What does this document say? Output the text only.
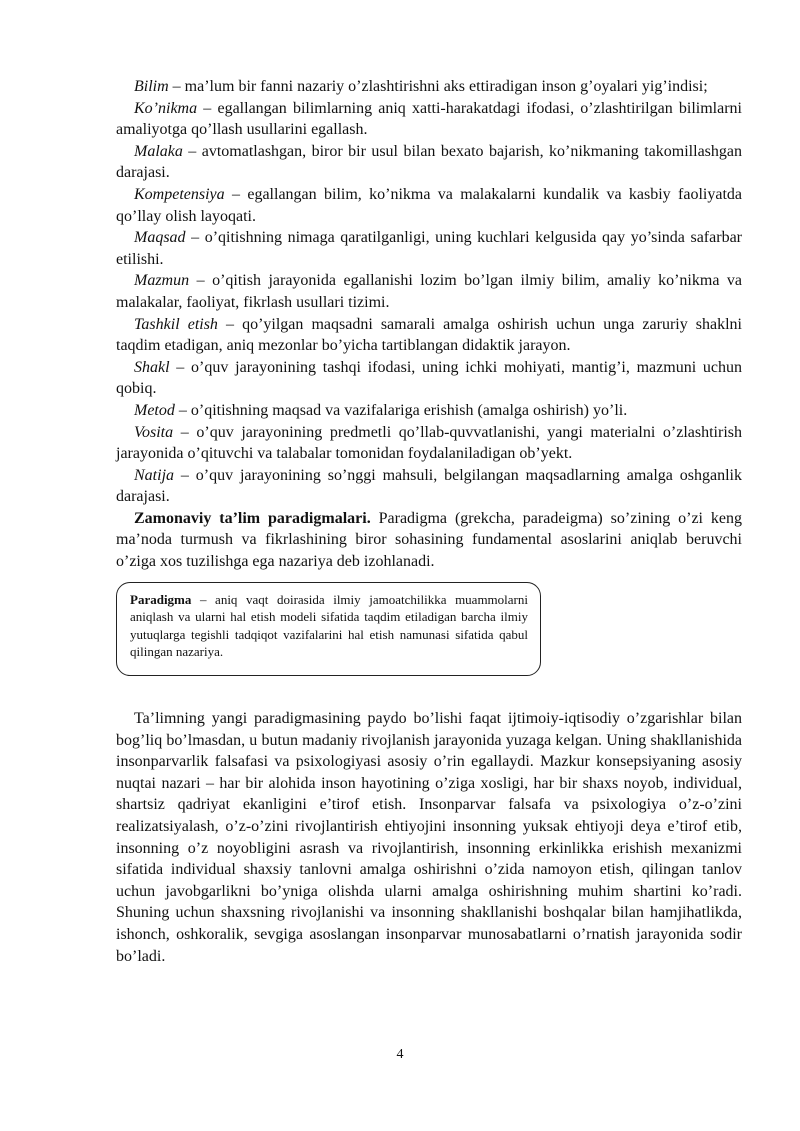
Bilim – ma’lum bir fanni nazariy o’zlashtirishni aks ettiradigan inson g’oyalari yig’indisi;

Ko’nikma – egallangan bilimlarning aniq xatti-harakatdagi ifodasi, o’zlashtirilgan bilimlarni amaliyotga qo’llash usullarini egallash.

Malaka – avtomatlashgan, biror bir usul bilan bexato bajarish, ko’nikmaning takomillashgan darajasi.

Kompetensiya – egallangan bilim, ko’nikma va malakalarni kundalik va kasbiy faoliyatda qo’llay olish layoqati.

Maqsad – o’qitishning nimaga qaratilganligi, uning kuchlari kelgusida qay yo’sinda safarbar etilishi.

Mazmun – o’qitish jarayonida egallanishi lozim bo’lgan ilmiy bilim, amaliy ko’nikma va malakalar, faoliyat, fikrlash usullari tizimi.

Tashkil etish – qo’yilgan maqsadni samarali amalga oshirish uchun unga zaruriy shaklni taqdim etadigan, aniq mezonlar bo’yicha tartiblangan didaktik jarayon.

Shakl – o’quv jarayonining tashqi ifodasi, uning ichki mohiyati, mantig’i, mazmuni uchun qobiq.

Metod – o’qitishning maqsad va vazifalariga erishish (amalga oshirish) yo’li.

Vosita – o’quv jarayonining predmetli qo’llab-quvvatlanishi, yangi materialni o’zlashtirish jarayonida o’qituvchi va talabalar tomonidan foydalaniladigan ob’yekt.

Natija – o’quv jarayonining so’nggi mahsuli, belgilangan maqsadlarning amalga oshganlik darajasi.

Zamonaviy ta’lim paradigmalari. Paradigma (grekcha, paradeigma) so’zining o’zi keng ma’noda turmush va fikrlashining biror sohasining fundamental asoslarini aniqlab beruvchi o’ziga xos tuzilishga ega nazariya deb izohlanadi.

Paradigma – aniq vaqt doirasida ilmiy jamoatchilikka muammolarni aniqlash va ularni hal etish modeli sifatida taqdim etiladigan barcha ilmiy yutuqlarga tegishli tadqiqot vazifalarini hal etish namunasi sifatida qabul qilingan nazariya.

Ta’limning yangi paradigmasining paydo bo’lishi faqat ijtimoiy-iqtisodiy o’zgarishlar bilan bog’liq bo’lmasdan, u butun madaniy rivojlanish jarayonida yuzaga kelgan. Uning shakllanishida insonparvarlik falsafasi va psixologiyasi asosiy o’rin egallaydi. Mazkur konsepsiyaning asosiy nuqtai nazari – har bir alohida inson hayotining o’ziga xosligi, har bir shaxs noyob, individual, shartsiz qadriyat ekanligini e’tirof etish. Insonparvar falsafa va psixologiya o’z-o’zini realizatsiyalash, o’z-o’zini rivojlantirish ehtiyojini insonning yuksak ehtiyoji deya e’tirof etib, insonning o’z noyobligini asrash va rivojlantirish, insonning erkinlikka erishish mexanizmi sifatida individual shaxsiy tanlovni amalga oshirishni o’zida namoyon etish, qilingan tanlov uchun javobgarlikni bo’yniga olishda ularni amalga oshirishning muhim shartini ko’radi. Shuning uchun shaxsning rivojlanishi va insonning shakllanishi boshqalar bilan hamjihatlikda, ishonch, oshkoralik, sevgiga asoslangan insonparvar munosabatlarni o’rnatish jarayonida sodir bo’ladi.

4
